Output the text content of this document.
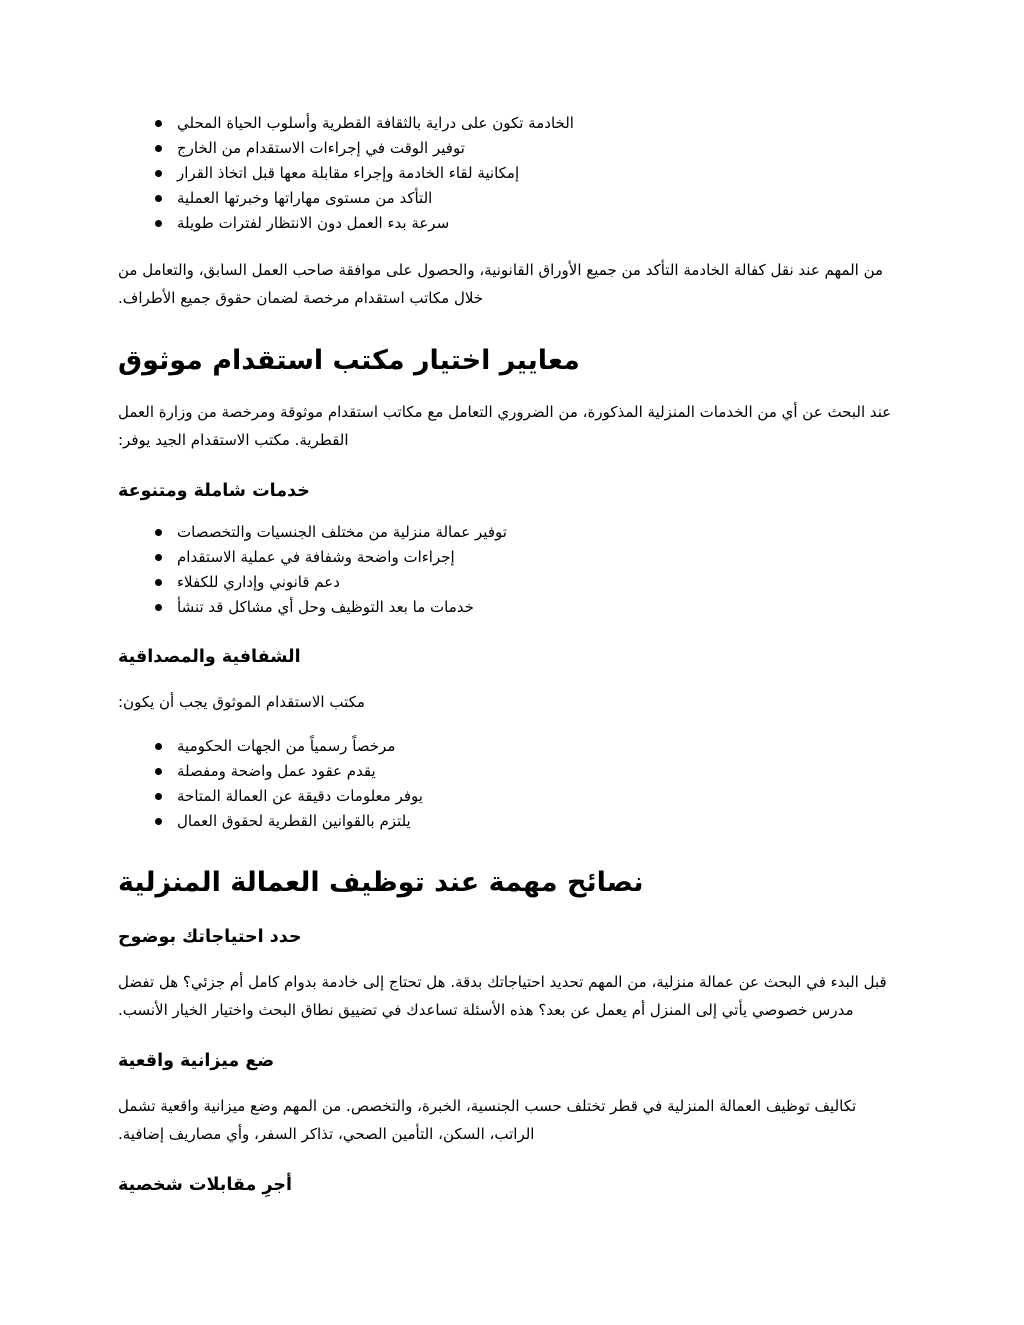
الخادمة تكون على دراية بالثقافة القطرية وأسلوب الحياة المحلي
توفير الوقت في إجراءات الاستقدام من الخارج
إمكانية لقاء الخادمة وإجراء مقابلة معها قبل اتخاذ القرار
التأكد من مستوى مهاراتها وخبرتها العملية
سرعة بدء العمل دون الانتظار لفترات طويلة

من المهم عند نقل كفالة الخادمة التأكد من جميع الأوراق القانونية، والحصول على موافقة صاحب العمل السابق، والتعامل من خلال مكاتب استقدام مرخصة لضمان حقوق جميع الأطراف.

معايير اختيار مكتب استقدام موثوق

عند البحث عن أي من الخدمات المنزلية المذكورة، من الضروري التعامل مع مكاتب استقدام موثوقة ومرخصة من وزارة العمل القطرية. مكتب الاستقدام الجيد يوفر:

خدمات شاملة ومتنوعة
توفير عمالة منزلية من مختلف الجنسيات والتخصصات
إجراءات واضحة وشفافة في عملية الاستقدام
دعم قانوني وإداري للكفلاء
خدمات ما بعد التوظيف وحل أي مشاكل قد تنشأ
الشفافية والمصداقية

مكتب الاستقدام الموثوق يجب أن يكون:

مرخصاً رسمياً من الجهات الحكومية
يقدم عقود عمل واضحة ومفصلة
يوفر معلومات دقيقة عن العمالة المتاحة
يلتزم بالقوانين القطرية لحقوق العمال
نصائح مهمة عند توظيف العمالة المنزلية
حدد احتياجاتك بوضوح

قبل البدء في البحث عن عمالة منزلية، من المهم تحديد احتياجاتك بدقة. هل تحتاج إلى خادمة بدوام كامل أم جزئي؟ هل تفضل مدرس خصوصي يأتي إلى المنزل أم يعمل عن بعد؟ هذه الأسئلة تساعدك في تضييق نطاق البحث واختيار الخيار الأنسب.

ضع ميزانية واقعية

تكاليف توظيف العمالة المنزلية في قطر تختلف حسب الجنسية، الخبرة، والتخصص. من المهم وضع ميزانية واقعية تشمل الراتب، السكن، التأمين الصحي، تذاكر السفر، وأي مصاريف إضافية.

أجرِ مقابلات شخصية
